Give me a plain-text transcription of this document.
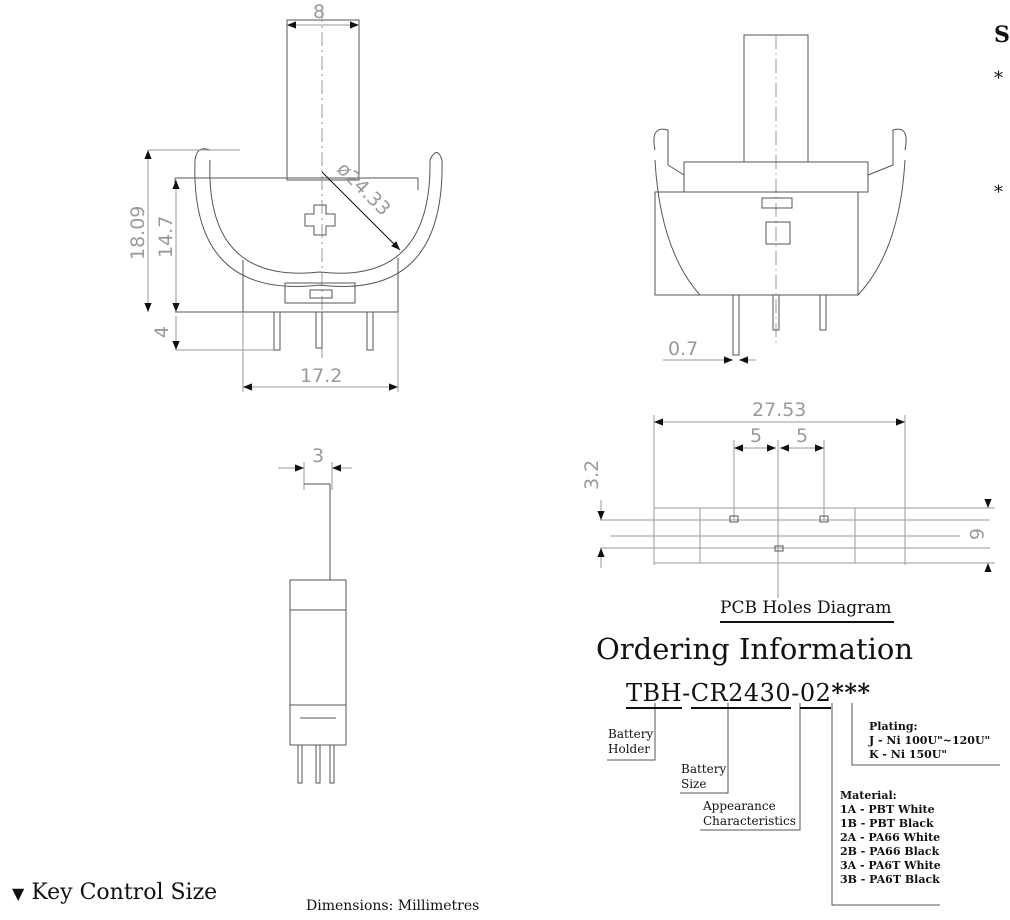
8
ø24.33
18.09 14.7
4
17.2
0.7
3
27.53
5 5
3.2
6
PCB Holes Diagram
Ordering Information
TBH-CR2430-02***
Battery
Holder
Battery
Size
Appearance
Characteristics
Plating:
J - Ni 100U"~120U"
K - Ni 150U"
Material:
1A - PBT White
1B - PBT Black
2A - PA66 White
2B - PA66 Black
3A - PA6T White
3B - PA6T Black
▼ Key Control Size
Dimensions: Millimetres
S
*
*
